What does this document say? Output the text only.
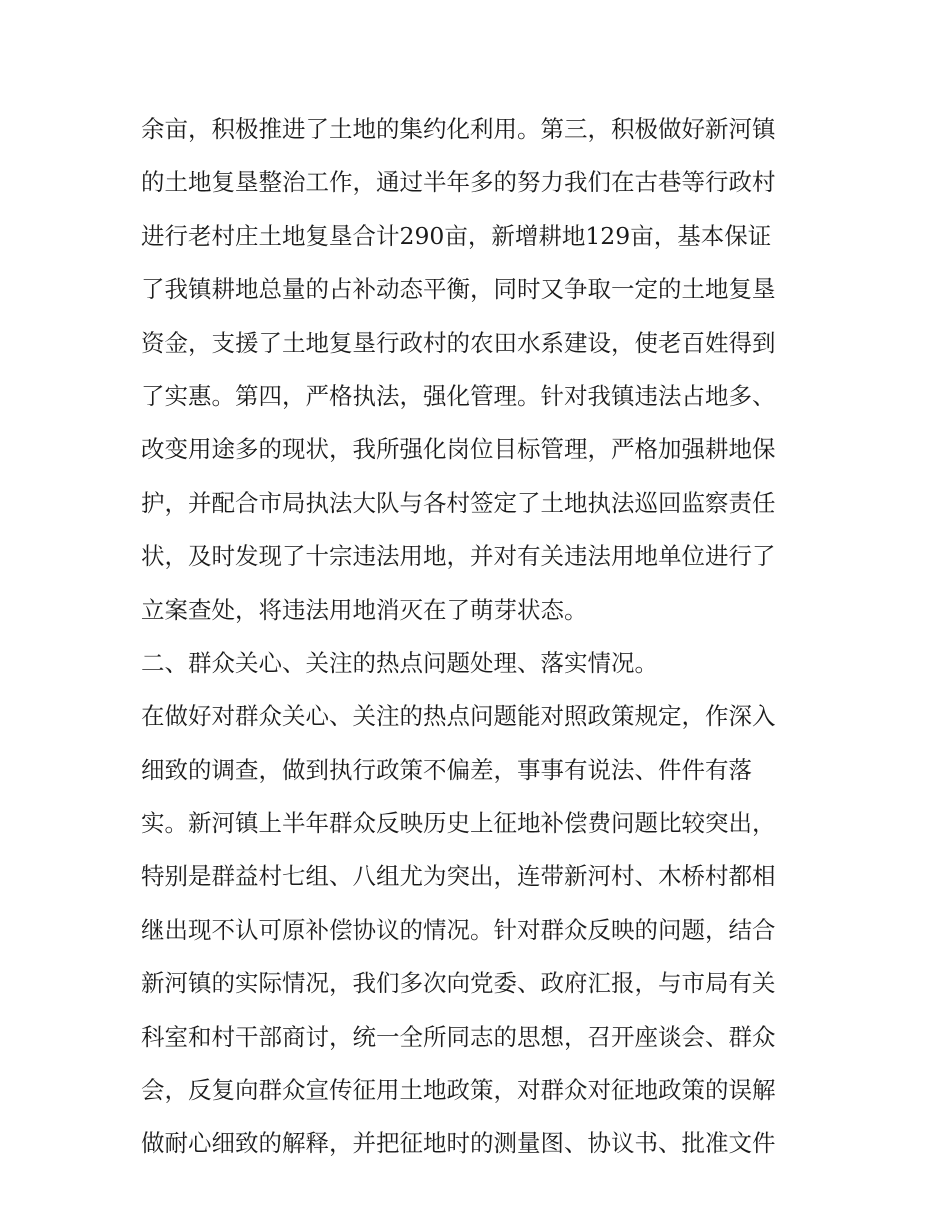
余亩，积极推进了土地的集约化利用。第三，积极做好新河镇
的土地复垦整治工作，通过半年多的努力我们在古巷等行政村
进行老村庄土地复垦合计290亩，新增耕地129亩，基本保证
了我镇耕地总量的占补动态平衡，同时又争取一定的土地复垦
资金，支援了土地复垦行政村的农田水系建设，使老百姓得到
了实惠。第四，严格执法，强化管理。针对我镇违法占地多、
改变用途多的现状，我所强化岗位目标管理，严格加强耕地保
护，并配合市局执法大队与各村签定了土地执法巡回监察责任
状，及时发现了十宗违法用地，并对有关违法用地单位进行了
立案查处，将违法用地消灭在了萌芽状态。
二、群众关心、关注的热点问题处理、落实情况。
在做好对群众关心、关注的热点问题能对照政策规定，作深入
细致的调查，做到执行政策不偏差，事事有说法、件件有落
实。新河镇上半年群众反映历史上征地补偿费问题比较突出，
特别是群益村七组、八组尤为突出，连带新河村、木桥村都相
继出现不认可原补偿协议的情况。针对群众反映的问题，结合
新河镇的实际情况，我们多次向党委、政府汇报，与市局有关
科室和村干部商讨，统一全所同志的思想，召开座谈会、群众
会，反复向群众宣传征用土地政策，对群众对征地政策的误解
做耐心细致的解释，并把征地时的测量图、协议书、批准文件
